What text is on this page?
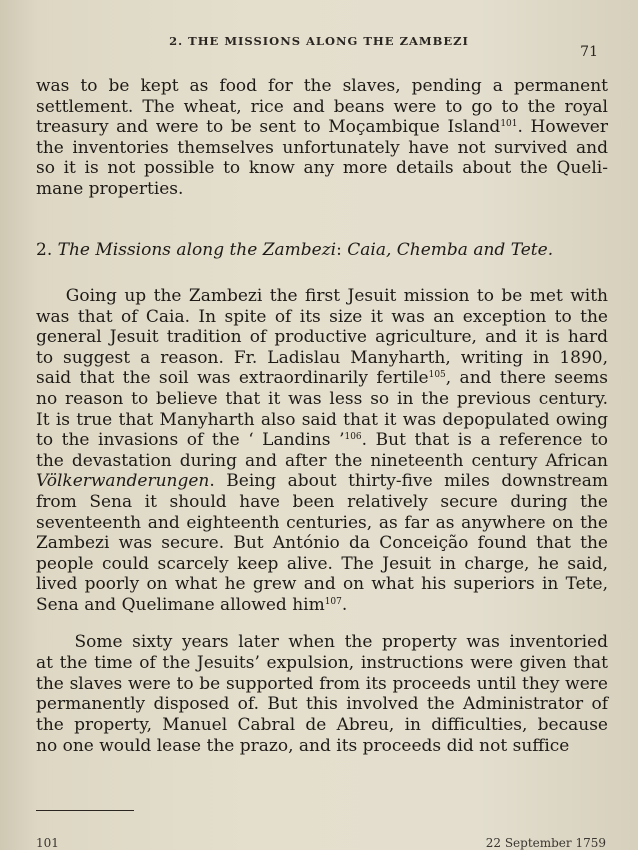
2. THE MISSIONS ALONG THE ZAMBEZI
71
was to be kept as food for the slaves, pending a permanent
settlement. The wheat, rice and beans were to go to the royal
treasury and were to be sent to Moçambique Island$^{101}$. However
the inventories themselves unfortunately have not survived and
so it is not possible to know any more details about the Queli-
mane properties.
2. The Missions along the Zambezi: Caia, Chemba and Tete.
Going up the Zambezi the first Jesuit mission to be met with
was that of Caia. In spite of its size it was an exception to the
general Jesuit tradition of productive agriculture, and it is hard
to suggest a reason. Fr. Ladislau Manyharth, writing in 1890,
said that the soil was extraordinarily fertile$^{105}$, and there seems
no reason to believe that it was less so in the previous century.
It is true that Manyharth also said that it was depopulated owing
to the invasions of the ‘ Landins ’$^{106}$. But that is a reference to
the devastation during and after the nineteenth century African
Völkerwanderungen. Being about thirty-five miles downstream
from Sena it should have been relatively secure during the
seventeenth and eighteenth centuries, as far as anywhere on the
Zambezi was secure. But António da Conceição found that the
people could scarcely keep alive. The Jesuit in charge, he said,
lived poorly on what he grew and on what his superiors in Tete,
Sena and Quelimane allowed him$^{107}$.
Some sixty years later when the property was inventoried
at the time of the Jesuits’ expulsion, instructions were given that
the slaves were to be supported from its proceeds until they were
permanently disposed of. But this involved the Administrator of
the property, Manuel Cabral de Abreu, in difficulties, because
no one would lease the prazo, and its proceeds did not suffice
101	22 September 1759
